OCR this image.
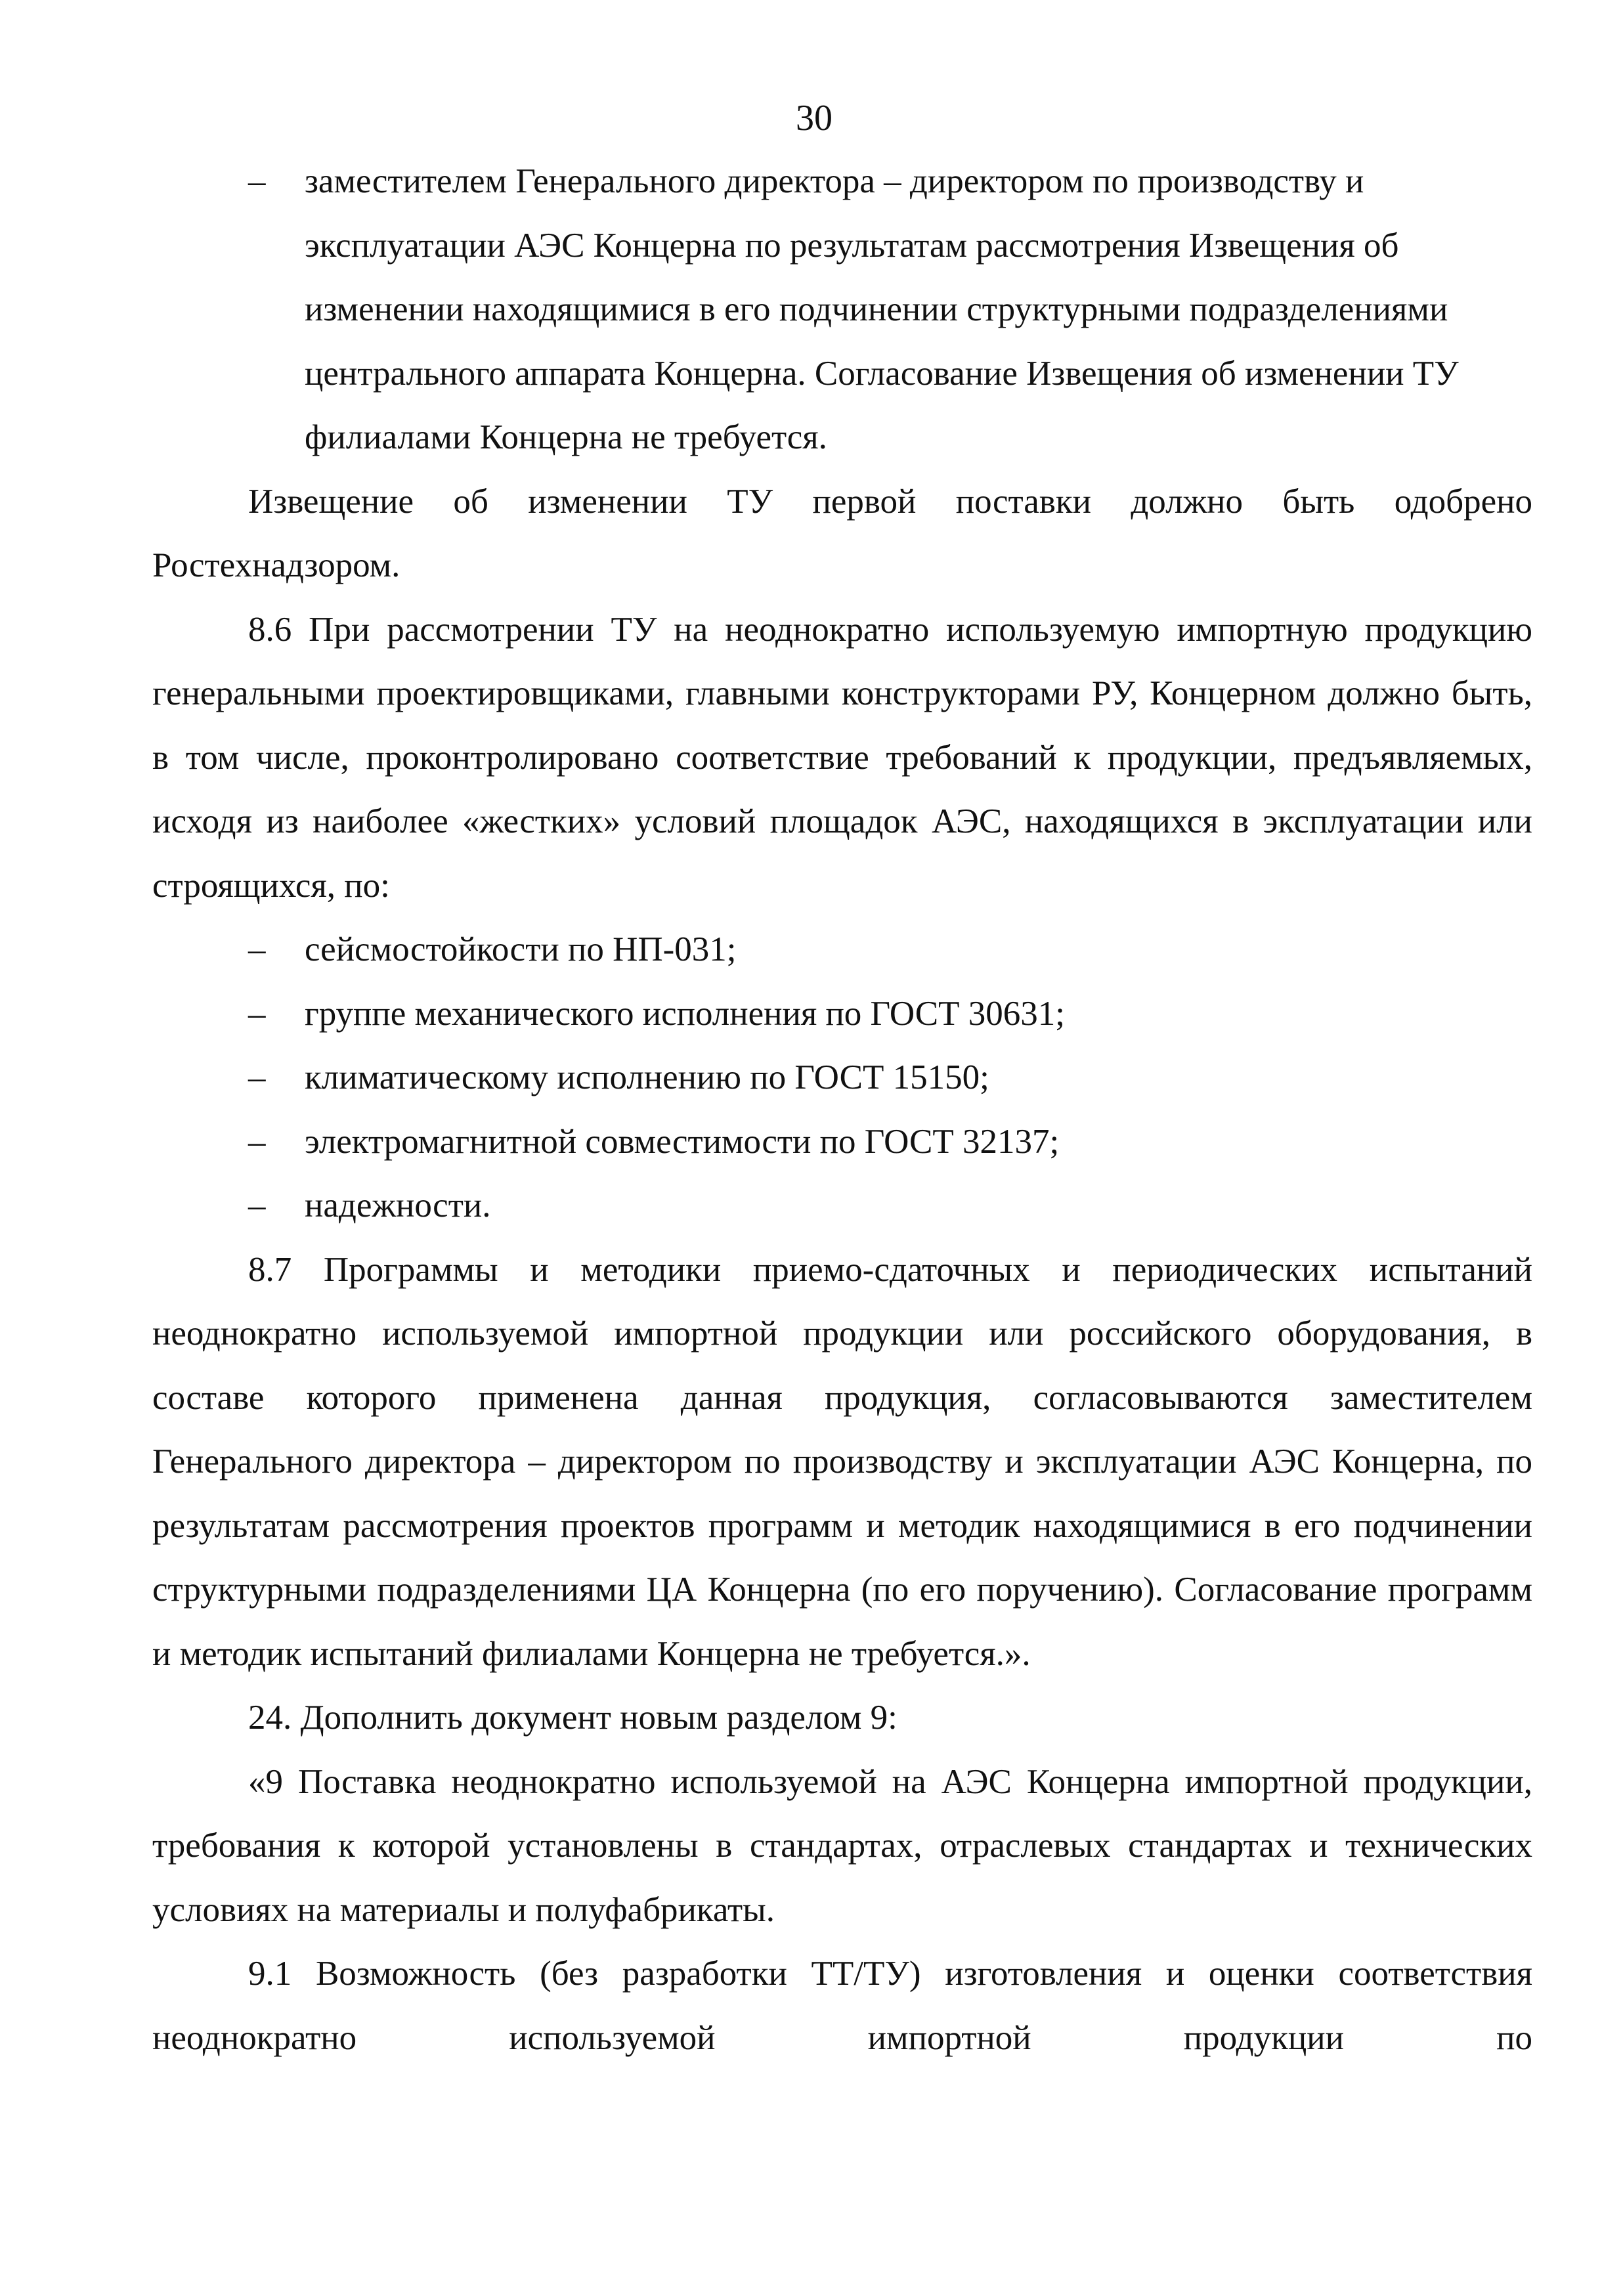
30

– заместителем Генерального директора – директором по производству и эксплуатации АЭС Концерна по результатам рассмотрения Извещения об изменении находящимися в его подчинении структурными подразделениями центрального аппарата Концерна. Согласование Извещения об изменении ТУ филиалами Концерна не требуется.

Извещение об изменении ТУ первой поставки должно быть одобрено Ростехнадзором.

8.6 При рассмотрении ТУ на неоднократно используемую импортную продукцию генеральными проектировщиками, главными конструкторами РУ, Концерном должно быть, в том числе, проконтролировано соответствие требований к продукции, предъявляемых, исходя из наиболее «жестких» условий площадок АЭС, находящихся в эксплуатации или строящихся, по:

– сейсмостойкости по НП-031;

– группе механического исполнения по ГОСТ 30631;

– климатическому исполнению по ГОСТ 15150;

– электромагнитной совместимости по ГОСТ 32137;

– надежности.

8.7 Программы и методики приемо-сдаточных и периодических испытаний неоднократно используемой импортной продукции или российского оборудования, в составе которого применена данная продукция, согласовываются заместителем Генерального директора – директором по производству и эксплуатации АЭС Концерна, по результатам рассмотрения проектов программ и методик находящимися в его подчинении структурными подразделениями ЦА Концерна (по его поручению). Согласование программ и методик испытаний филиалами Концерна не требуется.».

24. Дополнить документ новым разделом 9:

«9 Поставка неоднократно используемой на АЭС Концерна импортной продукции, требования к которой установлены в стандартах, отраслевых стандартах и технических условиях на материалы и полуфабрикаты.

9.1 Возможность (без разработки ТТ/ТУ) изготовления и оценки соответствия неоднократно используемой импортной продукции по
